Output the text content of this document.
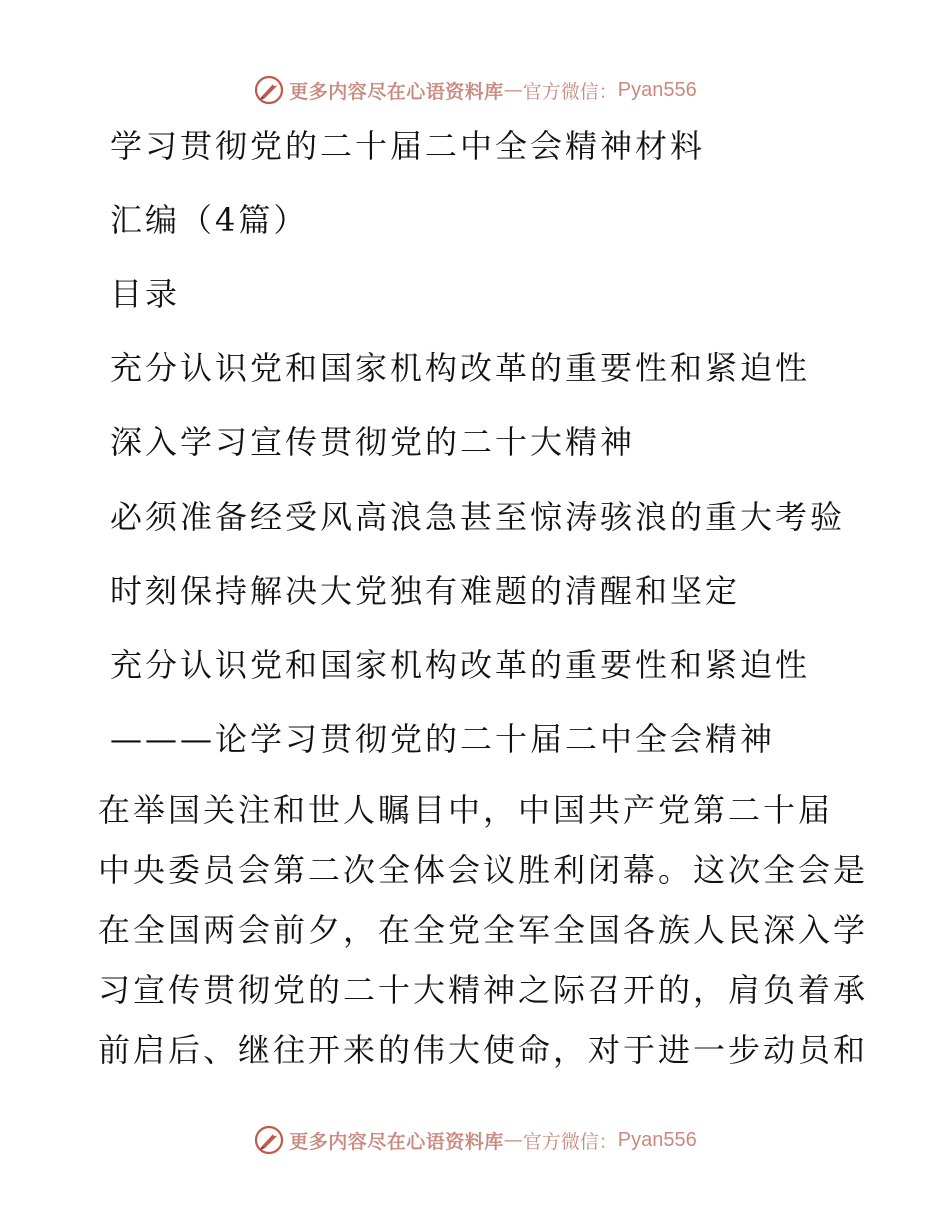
更多内容尽在心语资料库 — 官方微信： Pyan556
学习贯彻党的二十届二中全会精神材料
汇编（4篇）
目录
充分认识党和国家机构改革的重要性和紧迫性
深入学习宣传贯彻党的二十大精神
必须准备经受风高浪急甚至惊涛骇浪的重大考验
时刻保持解决大党独有难题的清醒和坚定
充分认识党和国家机构改革的重要性和紧迫性
———论学习贯彻党的二十届二中全会精神
在举国关注和世人瞩目中，中国共产党第二十届
中央委员会第二次全体会议胜利闭幕。这次全会是
在全国两会前夕，在全党全军全国各族人民深入学
习宣传贯彻党的二十大精神之际召开的，肩负着承
前启后、继往开来的伟大使命，对于进一步动员和
更多内容尽在心语资料库 — 官方微信： Pyan556
